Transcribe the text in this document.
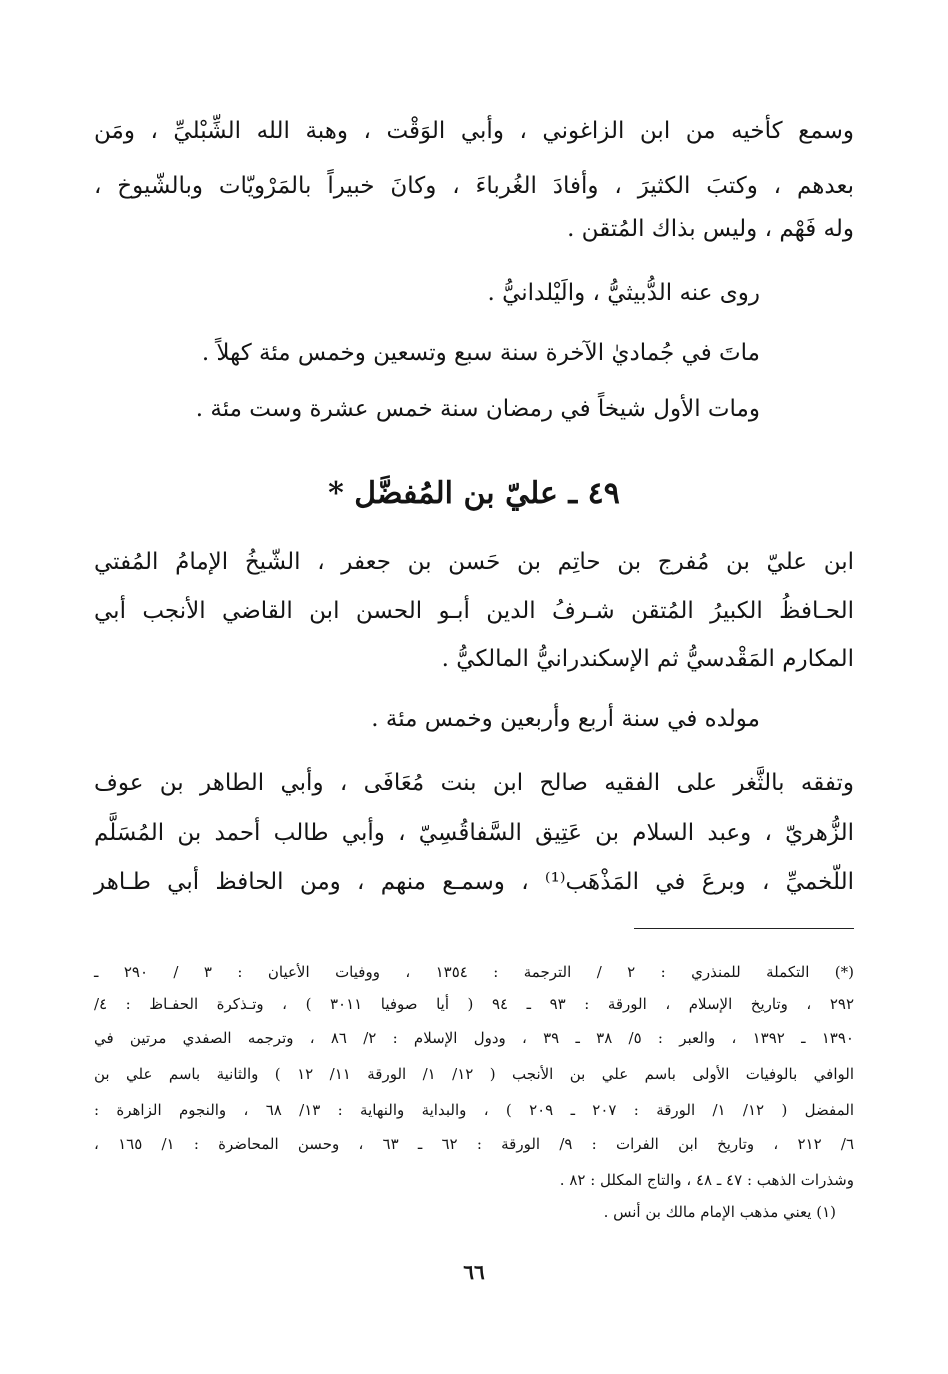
وسمع كأخيه من ابن الزاغوني ، وأبي الوَقْت ، وهبة الله الشِّبْليِّ ، ومَن
بعدهم ، وكتبَ الكثيرَ ، وأفادَ الغُرباءَ ، وكانَ خبيراً بالمَرْويّات وبالشّيوخ ،
وله فَهْم ، وليس بذاك المُتقن .
روى عنه الدُّبيثيُّ ، والَيْلدانيُّ .
ماتَ في جُماديٰ الآخرة سنة سبع وتسعين وخمس مئة كهلاً .
ومات الأول شيخاً في رمضان سنة خمس عشرة وست مئة .
٤٩ ـ عليّ بن المُفضَّل *
ابن عليّ بن مُفرج بن حاتِم بن حَسن بن جعفر ، الشّيخُ الإمامُ المُفتي
الحـافظُ الكبيرُ المُتقن شـرفُ الدين أبـو الحسن ابن القاضي الأنجب أبي
المكارم المَقْدسيُّ ثم الإسكندرانيُّ المالكيُّ .
مولده في سنة أربع وأربعين وخمس مئة .
وتفقه بالثَّغر على الفقيه صالح ابن بنت مُعَافَى ، وأبي الطاهر بن عوف
الزُّهريّ ، وعبد السلام بن عَتِيق السَّفاقُسِيّ ، وأبي طالب أحمد بن المُسَلَّم
اللّخميِّ ، وبرعَ في المَذْهَب⁽¹⁾ ، وسمـع منهم ، ومن الحافظ أبي طـاهر
(*) التكملة للمنذري : ٢ / الترجمة : ١٣٥٤ ، ووفيات الأعيان : ٣ / ٢٩٠ ـ
٢٩٢ ، وتاريخ الإسلام ، الورقة : ٩٣ ـ ٩٤ ( أيا صوفيا ٣٠١١ ) ، وتـذكرة الحفـاظ : ٤/
١٣٩٠ ـ ١٣٩٢ ، والعبر : ٥/ ٣٨ ـ ٣٩ ، ودول الإسلام : ٢/ ٨٦ ، وترجمه الصفدي مرتين في
الوافي بالوفيات الأولى باسم علي بن الأنجب ( ١٢/ ١/ الورقة ١١/ ١٢ ) والثانية باسم علي بن
المفضل ( ١٢/ ١/ الورقة : ٢٠٧ ـ ٢٠٩ ) ، والبداية والنهاية : ١٣/ ٦٨ ، والنجوم الزاهرة :
٦/ ٢١٢ ، وتاريخ ابن الفرات : ٩/ الورقة : ٦٢ ـ ٦٣ ، وحسن المحاضرة : ١/ ١٦٥ ،
وشذرات الذهب : ٤٧ ـ ٤٨ ، والتاج المكلل : ٨٢ .
(١) يعني مذهب الإمام مالك بن أنس .
٦٦
